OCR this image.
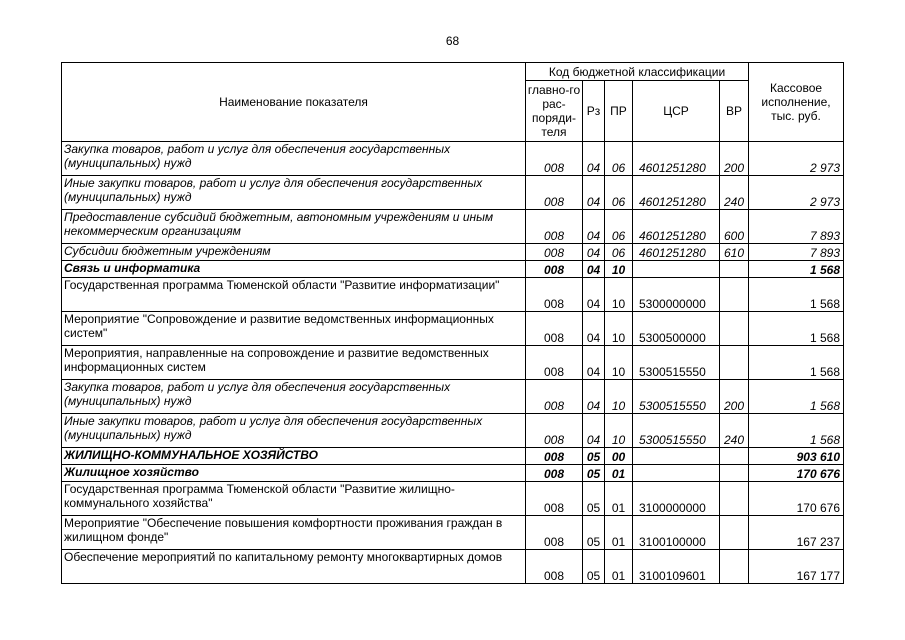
68
Наименование показателя	Код бюджетной классификации					Кассовое исполнение, тыс. руб.
	главно-го рас-поряди-теля	Рз	ПР	ЦСР	ВР	
Закупка товаров, работ и услуг для обеспечения государственных (муниципальных) нужд	008	04	06	4601251280	200	2 973
Иные закупки товаров, работ и услуг для обеспечения государственных (муниципальных) нужд	008	04	06	4601251280	240	2 973
Предоставление субсидий бюджетным, автономным учреждениям и иным некоммерческим организациям	008	04	06	4601251280	600	7 893
Субсидии бюджетным учреждениям	008	04	06	4601251280	610	7 893
Связь и информатика	008	04	10			1 568
Государственная программа Тюменской области "Развитие информатизации"	008	04	10	5300000000		1 568
Мероприятие "Сопровождение и развитие ведомственных информационных систем"	008	04	10	5300500000		1 568
Мероприятия, направленные на сопровождение и развитие ведомственных информационных систем	008	04	10	5300515550		1 568
Закупка товаров, работ и услуг для обеспечения государственных (муниципальных) нужд	008	04	10	5300515550	200	1 568
Иные закупки товаров, работ и услуг для обеспечения государственных (муниципальных) нужд	008	04	10	5300515550	240	1 568
ЖИЛИЩНО-КОММУНАЛЬНОЕ ХОЗЯЙСТВО	008	05	00			903 610
Жилищное хозяйство	008	05	01			170 676
Государственная программа Тюменской области "Развитие жилищно-коммунального хозяйства"	008	05	01	3100000000		170 676
Мероприятие "Обеспечение повышения комфортности проживания граждан в жилищном фонде"	008	05	01	3100100000		167 237
Обеспечение мероприятий по капитальному ремонту многоквартирных домов	008	05	01	3100109601		167 177
